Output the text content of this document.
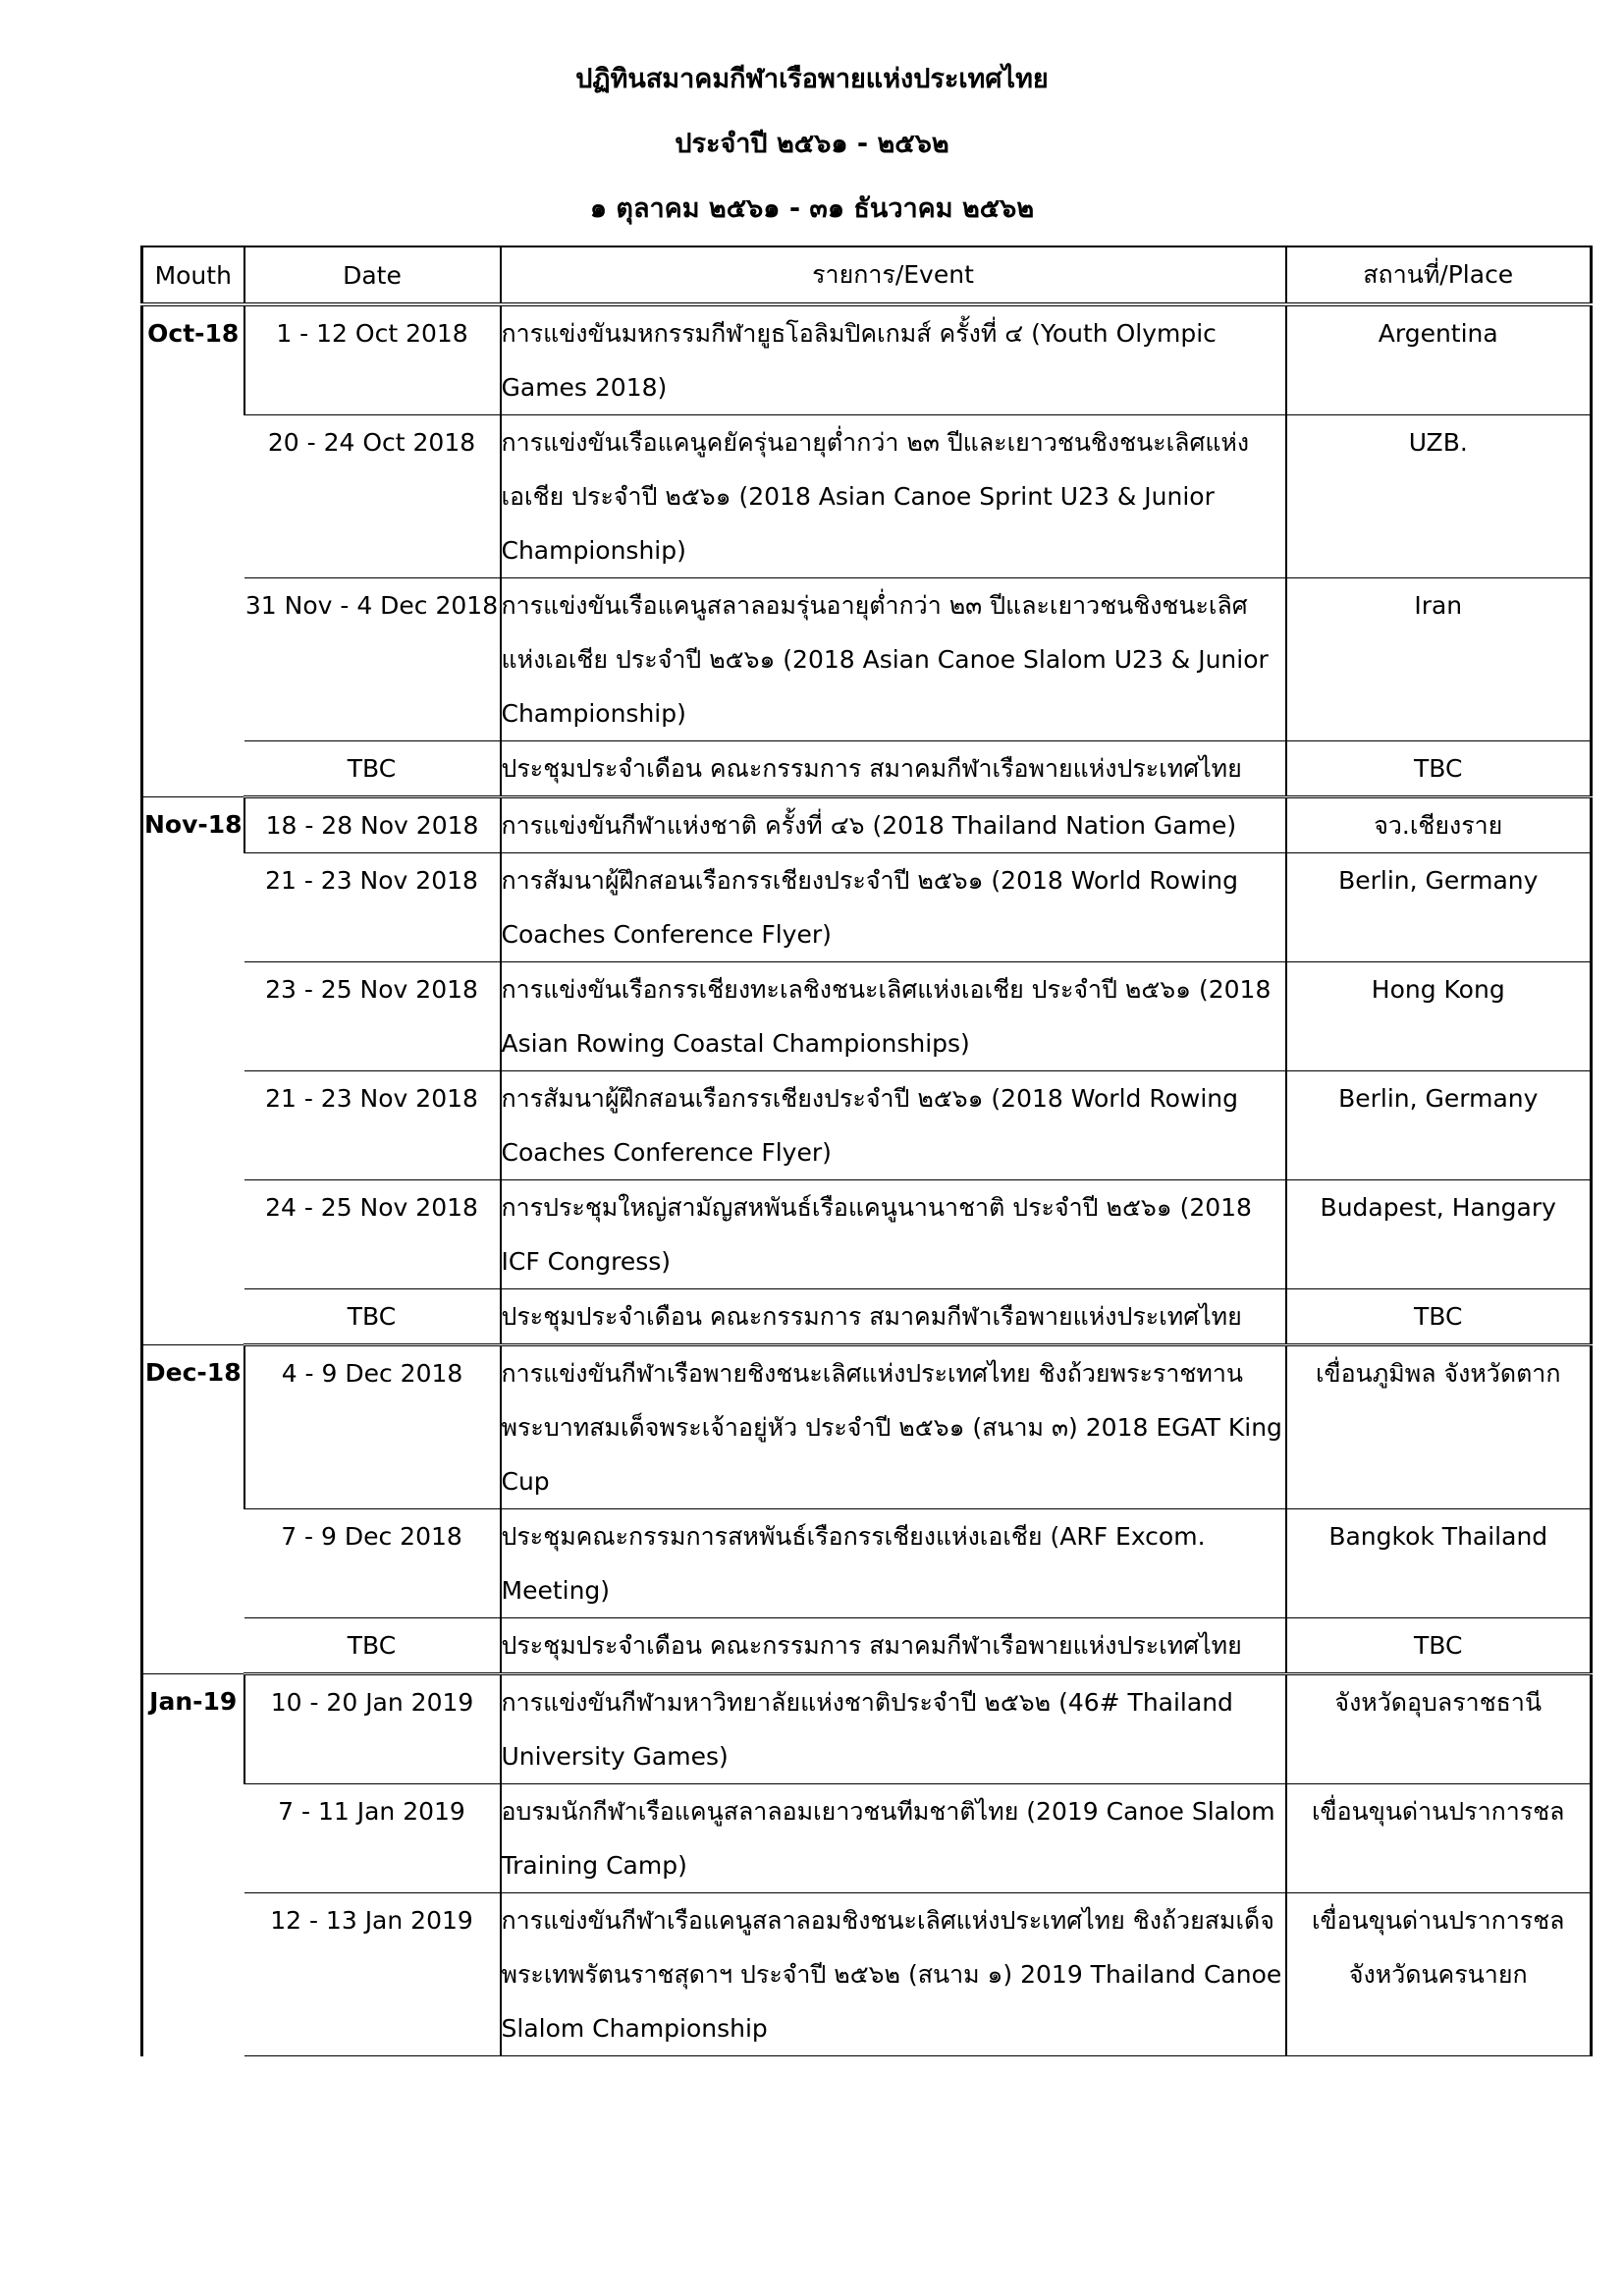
ปฏิทินสมาคมกีฬาเรือพายแห่งประเทศไทย
ประจำปี ๒๕๖๑ - ๒๕๖๒
๑ ตุลาคม ๒๕๖๑ - ๓๑ ธันวาคม ๒๕๖๒
Mouth	Date	รายการ/Event	สถานที่/Place
Oct-18	1 - 12 Oct 2018	การแข่งขันมหกรรมกีฬายูธโอลิมปิคเกมส์ ครั้งที่ ๔ (Youth Olympic Games 2018)	Argentina
	20 - 24 Oct 2018	การแข่งขันเรือแคนูคยัครุ่นอายุต่ำกว่า ๒๓ ปีและเยาวชนชิงชนะเลิศแห่งเอเชีย ประจำปี ๒๕๖๑ (2018 Asian Canoe Sprint U23 & Junior Championship)	UZB.
	31 Nov - 4 Dec 2018	การแข่งขันเรือแคนูสลาลอมรุ่นอายุต่ำกว่า ๒๓ ปีและเยาวชนชิงชนะเลิศแห่งเอเชีย ประจำปี ๒๕๖๑ (2018 Asian Canoe Slalom U23 & Junior Championship)	Iran
	TBC	ประชุมประจำเดือน คณะกรรมการ สมาคมกีฬาเรือพายแห่งประเทศไทย	TBC
Nov-18	18 - 28 Nov 2018	การแข่งขันกีฬาแห่งชาติ ครั้งที่ ๔๖ (2018 Thailand Nation Game)	จว.เชียงราย
	21 - 23 Nov 2018	การสัมนาผู้ฝึกสอนเรือกรรเชียงประจำปี ๒๕๖๑ (2018 World Rowing Coaches Conference Flyer)	Berlin, Germany
	23 - 25 Nov 2018	การแข่งขันเรือกรรเชียงทะเลชิงชนะเลิศแห่งเอเชีย ประจำปี ๒๕๖๑ (2018 Asian Rowing Coastal Championships)	Hong Kong
	21 - 23 Nov 2018	การสัมนาผู้ฝึกสอนเรือกรรเชียงประจำปี ๒๕๖๑ (2018 World Rowing Coaches Conference Flyer)	Berlin, Germany
	24 - 25 Nov 2018	การประชุมใหญ่สามัญสหพันธ์เรือแคนูนานาชาติ ประจำปี ๒๕๖๑ (2018 ICF Congress)	Budapest, Hangary
	TBC	ประชุมประจำเดือน คณะกรรมการ สมาคมกีฬาเรือพายแห่งประเทศไทย	TBC
Dec-18	4 - 9 Dec 2018	การแข่งขันกีฬาเรือพายชิงชนะเลิศแห่งประเทศไทย ชิงถ้วยพระราชทานพระบาทสมเด็จพระเจ้าอยู่หัว ประจำปี ๒๕๖๑ (สนาม ๓) 2018 EGAT King Cup	เขื่อนภูมิพล จังหวัดตาก
	7 - 9 Dec 2018	ประชุมคณะกรรมการสหพันธ์เรือกรรเชียงแห่งเอเชีย (ARF Excom. Meeting)	Bangkok Thailand
	TBC	ประชุมประจำเดือน คณะกรรมการ สมาคมกีฬาเรือพายแห่งประเทศไทย	TBC
Jan-19	10 - 20 Jan 2019	การแข่งขันกีฬามหาวิทยาลัยแห่งชาติประจำปี ๒๕๖๒ (46# Thailand University Games)	จังหวัดอุบลราชธานี
	7 - 11 Jan 2019	อบรมนักกีฬาเรือแคนูสลาลอมเยาวชนทีมชาติไทย (2019 Canoe Slalom Training Camp)	เขื่อนขุนด่านปราการชล
	12 - 13 Jan 2019	การแข่งขันกีฬาเรือแคนูสลาลอมชิงชนะเลิศแห่งประเทศไทย ชิงถ้วยสมเด็จพระเทพรัตนราชสุดาฯ ประจำปี ๒๕๖๒ (สนาม ๑) 2019 Thailand Canoe Slalom Championship	เขื่อนขุนด่านปราการชล จังหวัดนครนายก
